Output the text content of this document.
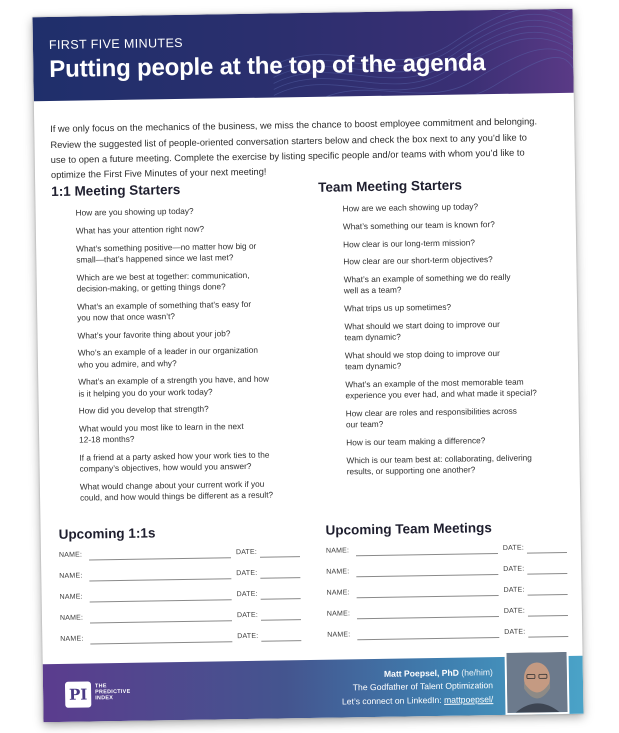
FIRST FIVE MINUTES
Putting people at the top of the agenda

If we only focus on the mechanics of the business, we miss the chance to boost employee commitment and belonging. Review the suggested list of people-oriented conversation starters below and check the box next to any you’d like to use to open a future meeting. Complete the exercise by listing specific people and/or teams with whom you’d like to optimize the First Five Minutes of your next meeting!

1:1 Meeting Starters
How are you showing up today?
What has your attention right now?
What’s something positive—no matter how big or
small—that’s happened since we last met?
Which are we best at together: communication,
decision-making, or getting things done?
What’s an example of something that’s easy for
you now that once wasn’t?
What’s your favorite thing about your job?
Who’s an example of a leader in our organization
who you admire, and why?
What’s an example of a strength you have, and how
is it helping you do your work today?
How did you develop that strength?
What would you most like to learn in the next
12-18 months?
If a friend at a party asked how your work ties to the
company’s objectives, how would you answer?
What would change about your current work if you
could, and how would things be different as a result?
Team Meeting Starters
How are we each showing up today?
What’s something our team is known for?
How clear is our long-term mission?
How clear are our short-term objectives?
What’s an example of something we do really
well as a team?
What trips us up sometimes?
What should we start doing to improve our
team dynamic?
What should we stop doing to improve our
team dynamic?
What’s an example of the most memorable team
experience you ever had, and what made it special?
How clear are roles and responsibilities across
our team?
How is our team making a difference?
Which is our team best at: collaborating, delivering
results, or supporting one another?
Upcoming 1:1s
NAME:	DATE:
NAME:	DATE:
NAME:	DATE:
NAME:	DATE:
NAME:	DATE:
Upcoming Team Meetings
NAME:	DATE:
NAME:	DATE:
NAME:	DATE:
NAME:	DATE:
NAME:	DATE:
PI	THE
PREDICTIVE
INDEX
Matt Poepsel, PhD (he/him)
The Godfather of Talent Optimization
Let’s connect on LinkedIn: mattpoepsel/
